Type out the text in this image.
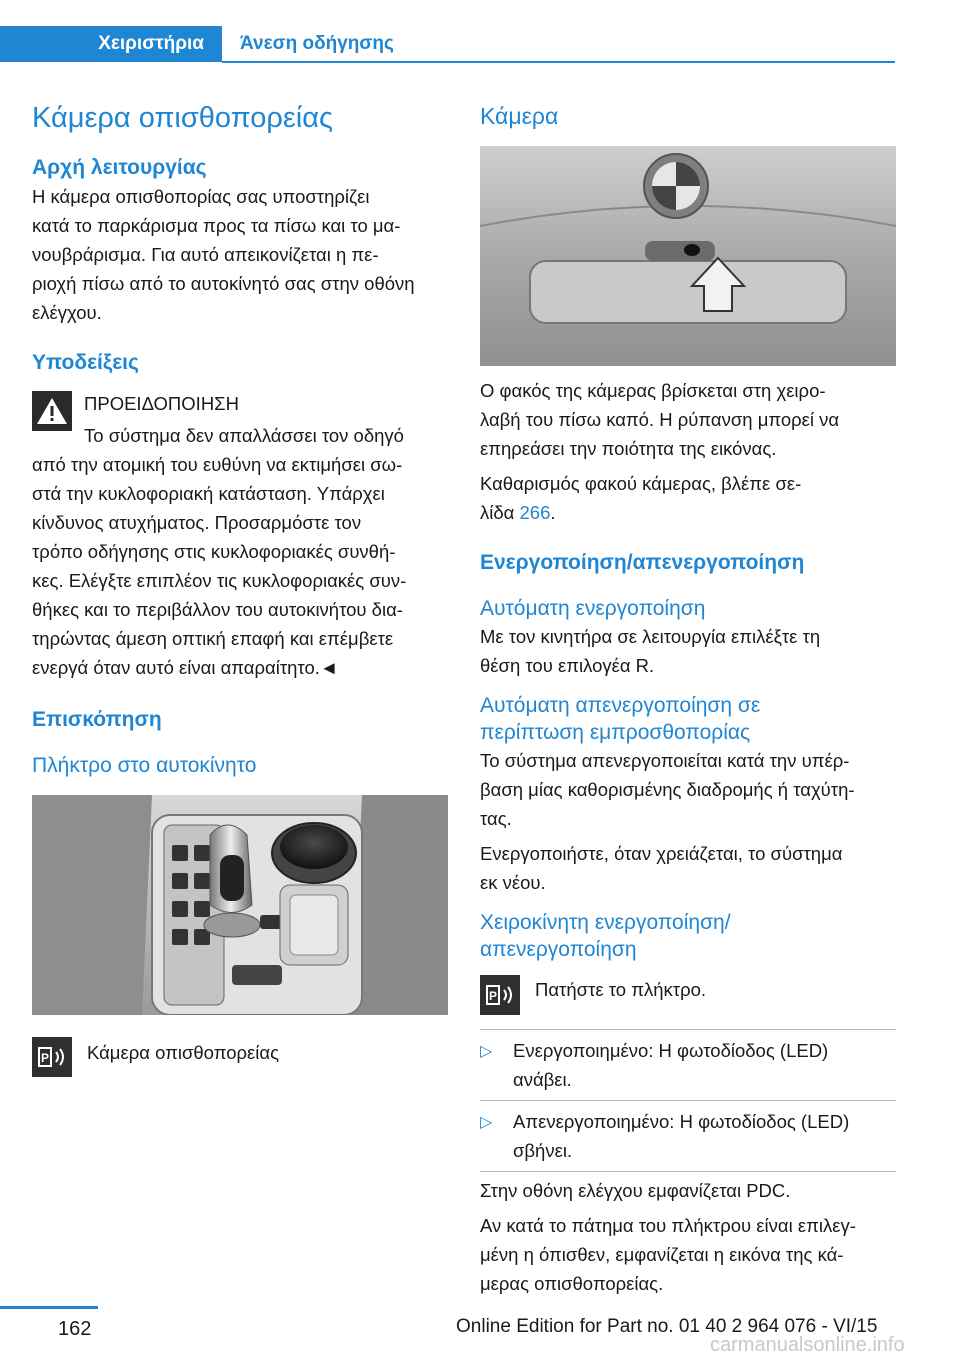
Χειριστήρια	Άνεση οδήγησης
Κάμερα οπισθοπορείας
Αρχή λειτουργίας
Η κάμερα οπισθοπορίας σας υποστηρίζει
κατά το παρκάρισμα προς τα πίσω και το μα-
νουβράρισμα. Για αυτό απεικονίζεται η πε-
ριοχή πίσω από το αυτοκίνητό σας στην οθόνη
ελέγχου.
Υποδείξεις
ΠΡΟΕΙΔΟΠΟΙΗΣΗ
Το σύστημα δεν απαλλάσσει τον οδηγό
από την ατομική του ευθύνη να εκτιμήσει σω-
στά την κυκλοφοριακή κατάσταση. Υπάρχει
κίνδυνος ατυχήματος. Προσαρμόστε τον
τρόπο οδήγησης στις κυκλοφοριακές συνθή-
κες. Ελέγξτε επιπλέον τις κυκλοφοριακές συν-
θήκες και το περιβάλλον του αυτοκινήτου δια-
τηρώντας άμεση οπτική επαφή και επέμβετε
ενεργά όταν αυτό είναι απαραίτητο.◄
Επισκόπηση
Πλήκτρο στο αυτοκίνητο
P	Κάμερα οπισθοπορείας
Κάμερα
Ο φακός της κάμερας βρίσκεται στη χειρο-
λαβή του πίσω καπό. Η ρύπανση μπορεί να
επηρεάσει την ποιότητα της εικόνας.
Καθαρισμός φακού κάμερας, βλέπε σε-
λίδα 266.
Ενεργοποίηση/απενεργοποίηση
Αυτόματη ενεργοποίηση
Με τον κινητήρα σε λειτουργία επιλέξτε τη
θέση του επιλογέα R.
Αυτόματη απενεργοποίηση σε
περίπτωση εμπροσθοπορίας
Το σύστημα απενεργοποιείται κατά την υπέρ-
βαση μίας καθορισμένης διαδρομής ή ταχύτη-
τας.
Ενεργοποιήστε, όταν χρειάζεται, το σύστημα
εκ νέου.
Χειροκίνητη ενεργοποίηση/
απενεργοποίηση
P	Πατήστε το πλήκτρο.
▷ Ενεργοποιημένο: Η φωτοδίοδος (LED)
ανάβει.
▷ Απενεργοποιημένο: Η φωτοδίοδος (LED)
σβήνει.
Στην οθόνη ελέγχου εμφανίζεται PDC.
Αν κατά το πάτημα του πλήκτρου είναι επιλεγ-
μένη η όπισθεν, εμφανίζεται η εικόνα της κά-
μερας οπισθοπορείας.
162	Online Edition for Part no. 01 40 2 964 076 - VI/15
carmanualsonline.info
